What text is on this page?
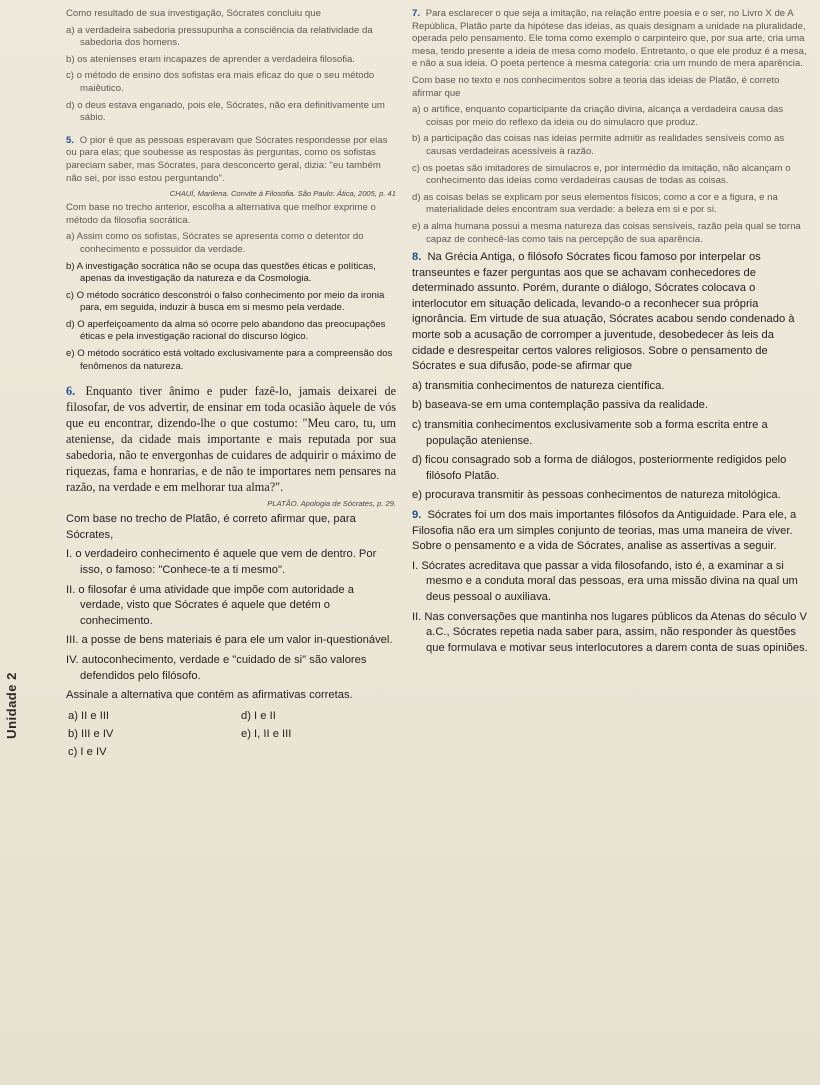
Unidade 2

Como resultado de sua investigação, Sócrates concluiu que

a) a verdadeira sabedoria pressupunha a consciência da relatividade da sabedoria dos homens.

b) os atenienses eram incapazes de aprender a verdadeira filosofia.

c) o método de ensino dos sofistas era mais eficaz do que o seu método maiêutico.

d) o deus estava enganado, pois ele, Sócrates, não era definitivamente um sábio.

5. O pior é que as pessoas esperavam que Sócrates respondesse por elas ou para elas; que soubesse as respostas às perguntas, como os sofistas pareciam saber, mas Sócrates, para desconcerto geral, dizia: "eu também não sei, por isso estou perguntando".

CHAUÍ, Marilena. Convite à Filosofia. São Paulo: Ática, 2005, p. 41

Com base no trecho anterior, escolha a alternativa que melhor exprime o método da filosofia socrática.

a) Assim como os sofistas, Sócrates se apresenta como o detentor do conhecimento e possuidor da verdade.

b) A investigação socrática não se ocupa das questões éticas e políticas, apenas da investigação da natureza e da Cosmologia.

c) O método socrático desconstrói o falso conhecimento por meio da ironia para, em seguida, induzir à busca em si mesmo pela verdade.

d) O aperfeiçoamento da alma só ocorre pelo abandono das preocupações éticas e pela investigação racional do discurso lógico.

e) O método socrático está voltado exclusivamente para a compreensão dos fenômenos da natureza.

6. Enquanto tiver ânimo e puder fazê-lo, jamais deixarei de filosofar, de vos advertir, de ensinar em toda ocasião àquele de vós que eu encontrar, dizendo-lhe o que costumo: "Meu caro, tu, um ateniense, da cidade mais importante e mais reputada por sua sabedoria, não te envergonhas de cuidares de adquirir o máximo de riquezas, fama e honrarias, e de não te importares nem pensares na razão, na verdade e em melhorar tua alma?".

PLATÃO. Apologia de Sócrates, p. 29.

Com base no trecho de Platão, é correto afirmar que, para Sócrates,

I. o verdadeiro conhecimento é aquele que vem de dentro. Por isso, o famoso: "Conhece-te a ti mesmo".

II. o filosofar é uma atividade que impõe com autoridade a verdade, visto que Sócrates é aquele que detém o conhecimento.

III. a posse de bens materiais é para ele um valor in-questionável.

IV. autoconhecimento, verdade e "cuidado de si" são valores defendidos pelo filósofo.

Assinale a alternativa que contém as afirmativas corretas.

a) II e III	d) I e II
b) III e IV	e) I, II e III
c) I e IV

7. Para esclarecer o que seja a imitação, na relação entre poesia e o ser, no Livro X de A República, Platão parte da hipótese das ideias, as quais designam a unidade na pluralidade, operada pelo pensamento. Ele toma como exemplo o carpinteiro que, por sua arte, cria uma mesa, tendo presente a ideia de mesa como modelo. Entretanto, o que ele produz é a mesa, e não a sua ideia. O poeta pertence à mesma categoria: cria um mundo de mera aparência.

Com base no texto e nos conhecimentos sobre a teoria das ideias de Platão, é correto afirmar que

a) o artífice, enquanto coparticipante da criação divina, alcança a verdadeira causa das coisas por meio do reflexo da ideia ou do simulacro que produz.

b) a participação das coisas nas ideias permite admitir as realidades sensíveis como as causas verdadeiras acessíveis à razão.

c) os poetas são imitadores de simulacros e, por intermédio da imitação, não alcançam o conhecimento das ideias como verdadeiras causas de todas as coisas.

d) as coisas belas se explicam por seus elementos físicos, como a cor e a figura, e na materialidade deles encontram sua verdade: a beleza em si e por si.

e) a alma humana possui a mesma natureza das coisas sensíveis, razão pela qual se torna capaz de conhecê-las como tais na percepção de sua aparência.

8. Na Grécia Antiga, o filósofo Sócrates ficou famoso por interpelar os transeuntes e fazer perguntas aos que se achavam conhecedores de determinado assunto. Porém, durante o diálogo, Sócrates colocava o interlocutor em situação delicada, levando-o a reconhecer sua própria ignorância. Em virtude de sua atuação, Sócrates acabou sendo condenado à morte sob a acusação de corromper a juventude, desobedecer às leis da cidade e desrespeitar certos valores religiosos. Sobre o pensamento de Sócrates e sua difusão, pode-se afirmar que

a) transmitia conhecimentos de natureza científica.

b) baseava-se em uma contemplação passiva da realidade.

c) transmitia conhecimentos exclusivamente sob a forma escrita entre a população ateniense.

d) ficou consagrado sob a forma de diálogos, posteriormente redigidos pelo filósofo Platão.

e) procurava transmitir às pessoas conhecimentos de natureza mitológica.

9. Sócrates foi um dos mais importantes filósofos da Antiguidade. Para ele, a Filosofia não era um simples conjunto de teorias, mas uma maneira de viver. Sobre o pensamento e a vida de Sócrates, analise as assertivas a seguir.

I. Sócrates acreditava que passar a vida filosofando, isto é, a examinar a si mesmo e a conduta moral das pessoas, era uma missão divina na qual um deus pessoal o auxiliava.

II. Nas conversações que mantinha nos lugares públicos da Atenas do século V a.C., Sócrates repetia nada saber para, assim, não responder às questões que formulava e motivar seus interlocutores a darem conta de suas opiniões.
